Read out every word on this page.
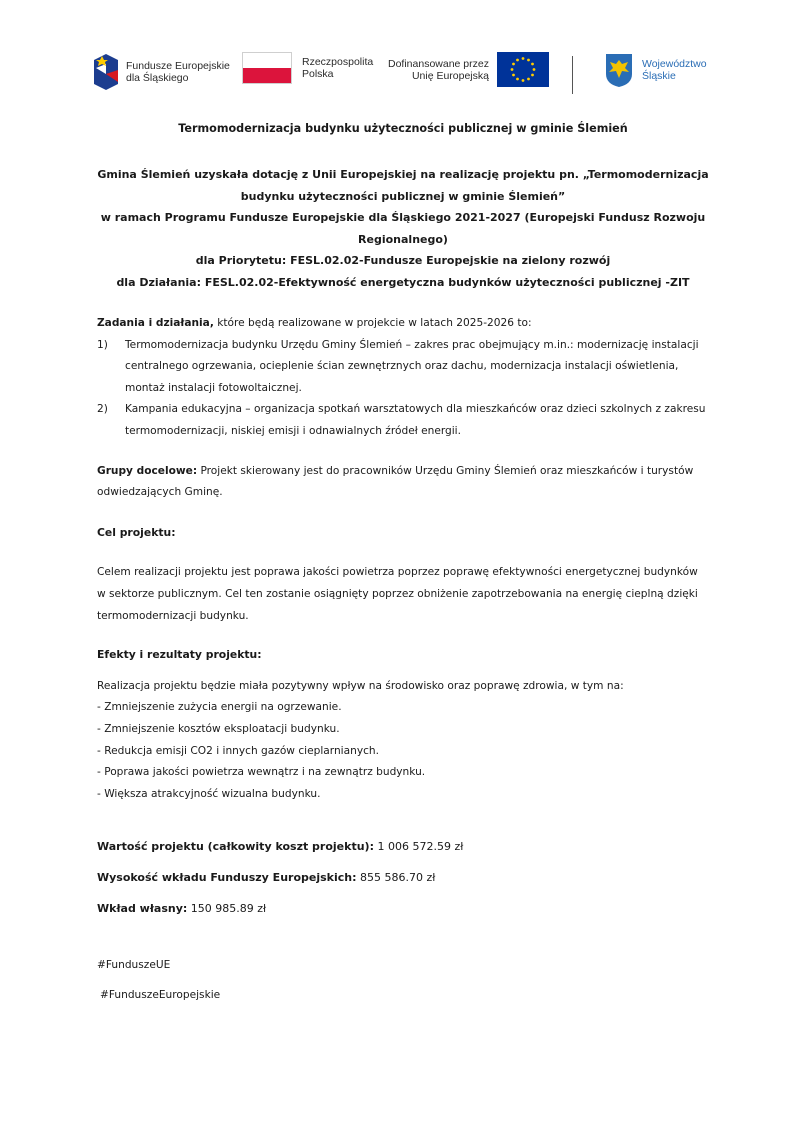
Fundusze Europejskie
dla Śląskiego
Rzeczpospolita
Polska
Dofinansowane przez
Unię Europejską
Województwo
Śląskie
Termomodernizacja budynku użyteczności publicznej w gminie Ślemień
Gmina Ślemień uzyskała dotację z Unii Europejskiej na realizację projektu pn. „Termomodernizacja
budynku użyteczności publicznej w gminie Ślemień”
w ramach Programu Fundusze Europejskie dla Śląskiego 2021-2027 (Europejski Fundusz Rozwoju
Regionalnego)
dla Priorytetu: FESL.02.02-Fundusze Europejskie na zielony rozwój
dla Działania: FESL.02.02-Efektywność energetyczna budynków użyteczności publicznej -ZIT

Zadania i działania, które będą realizowane w projekcie w latach 2025-2026 to:

1)	Termomodernizacja budynku Urzędu Gminy Ślemień – zakres prac obejmujący m.in.: modernizację instalacji centralnego ogrzewania, ocieplenie ścian zewnętrznych oraz dachu, modernizacja instalacji oświetlenia, montaż instalacji fotowoltaicznej.
2)	Kampania edukacyjna – organizacja spotkań warsztatowych dla mieszkańców oraz dzieci szkolnych z zakresu termomodernizacji, niskiej emisji i odnawialnych źródeł energii.

Grupy docelowe: Projekt skierowany jest do pracowników Urzędu Gminy Ślemień oraz mieszkańców i turystów odwiedzających Gminę.

Cel projektu:

Celem realizacji projektu jest poprawa jakości powietrza poprzez poprawę efektywności energetycznej budynków w sektorze publicznym. Cel ten zostanie osiągnięty poprzez obniżenie zapotrzebowania na energię cieplną dzięki termomodernizacji budynku.

Efekty i rezultaty projektu:

Realizacja projektu będzie miała pozytywny wpływ na środowisko oraz poprawę zdrowia, w tym na:

- Zmniejszenie zużycia energii na ogrzewanie.

- Zmniejszenie kosztów eksploatacji budynku.

- Redukcja emisji CO2 i innych gazów cieplarnianych.

- Poprawa jakości powietrza wewnątrz i na zewnątrz budynku.

- Większa atrakcyjność wizualna budynku.

Wartość projektu (całkowity koszt projektu): 1 006 572.59 zł

Wysokość wkładu Funduszy Europejskich: 855 586.70 zł

Wkład własny: 150 985.89 zł

#FunduszeUE

#FunduszeEuropejskie
